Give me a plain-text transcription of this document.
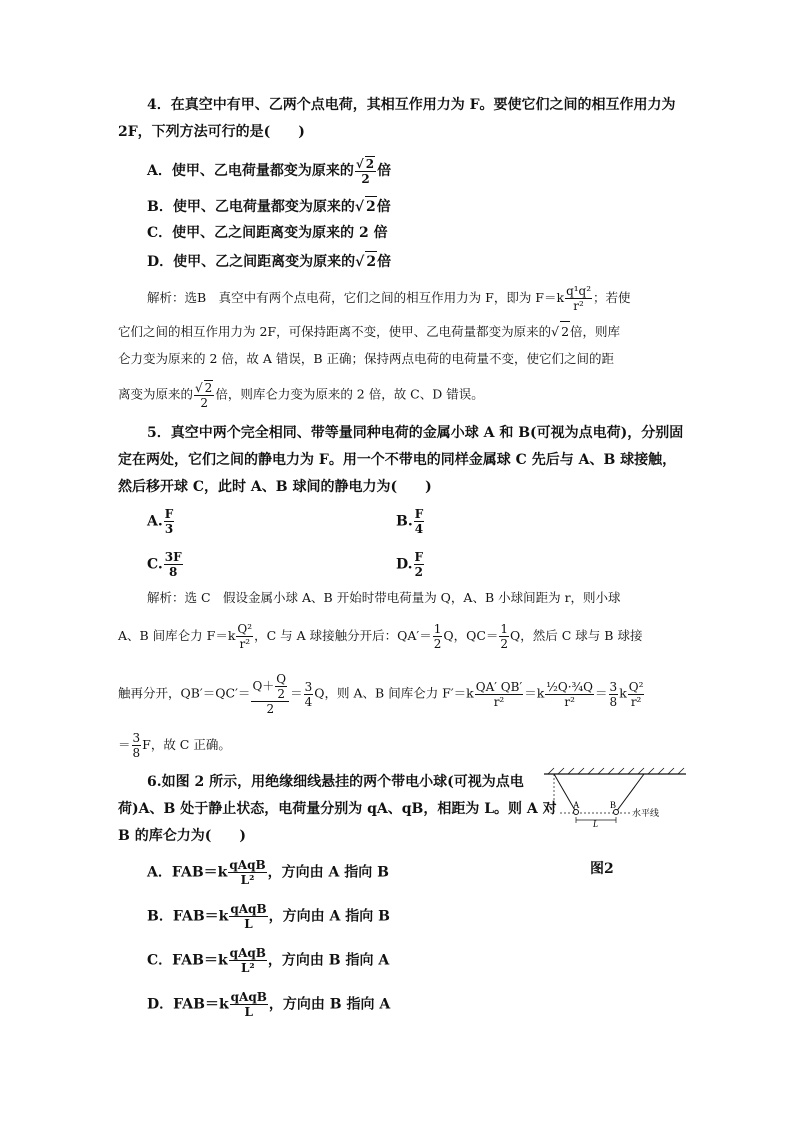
4．在真空中有甲、乙两个点电荷，其相互作用力为 F。要使它们之间的相互作用力为
2F，下列方法可行的是(　　)
A．使甲、乙电荷量都变为原来的 $\frac{√ 2}{2}$ 倍
B．使甲、乙电荷量都变为原来的√ 2倍
C．使甲、乙之间距离变为原来的 2 倍
D．使甲、乙之间距离变为原来的√ 2倍
解析：选B　真空中有两个点电荷，它们之间的相互作用力为 F，即为 $F=k \frac{\text{q¹q²}}{\text{r²}}$ ；若使
它们之间的相互作用力为 2F，可保持距离不变，使甲、乙电荷量都变为原来的√ 2倍，则库
仑力变为原来的 2 倍，故 A 错误，B 正确；保持两点电荷的电荷量不变，使它们之间的距
离变为原来的 $\frac{√ 2}{2}$ 倍，则库仑力变为原来的 2 倍，故 C、D 错误。
5．真空中两个完全相同、带等量同种电荷的金属小球 A 和 B(可视为点电荷)，分别固
定在两处，它们之间的静电力为 F。用一个不带电的同样金属球 C 先后与 A、B 球接触，
然后移开球 C，此时 A、B 球间的静电力为(　　)
A. $\frac{F}{3}$	B. $\frac{F}{4}$
C. $\frac{3F}{8}$	D. $\frac{F}{2}$
解析：选 C　假设金属小球 A、B 开始时带电荷量为 Q，A、B 小球间距为 r，则小球
A、B 间库仑力 $F=k \frac{\text{Q²}}{\text{r²}}$ ，C 与 A 球接触分开后：$QA'= \frac{1}{2}$ Q，$QC= \frac{1}{2}$ Q，然后 C 球与 B 球接
触再分开，$QB'=QC'= \frac{Q+ \frac{Q}{2}}{2} = \frac{3}{4}$ Q，则 A、B 间库仑力 $F'=k \frac{QA' QB'}{\text{r²}} =k \frac{\text{½Q·¾Q}}{\text{r²}} = \frac{3}{8}$ k $\frac{\text{Q²}}{\text{r²}}$
＝ $\frac{3}{8}$ F，故 C 正确。
6.如图 2 所示，用绝缘细线悬挂的两个带电小球(可视为点电
荷)A、B 处于静止状态，电荷量分别为 qA、qB，相距为 L。则 A 对
B 的库仑力为(　　)
A．$FAB=k \frac{\text{qAqB}}{\text{L²}}$ ，方向由 A 指向 B
B．$FAB=k \frac{\text{qAqB}}{L}$ ，方向由 A 指向 B
C．$FAB=k \frac{\text{qAqB}}{\text{L²}}$ ，方向由 B 指向 A
D．$FAB=k \frac{\text{qAqB}}{L}$ ，方向由 B 指向 A
A	B
水平线
L
图2
